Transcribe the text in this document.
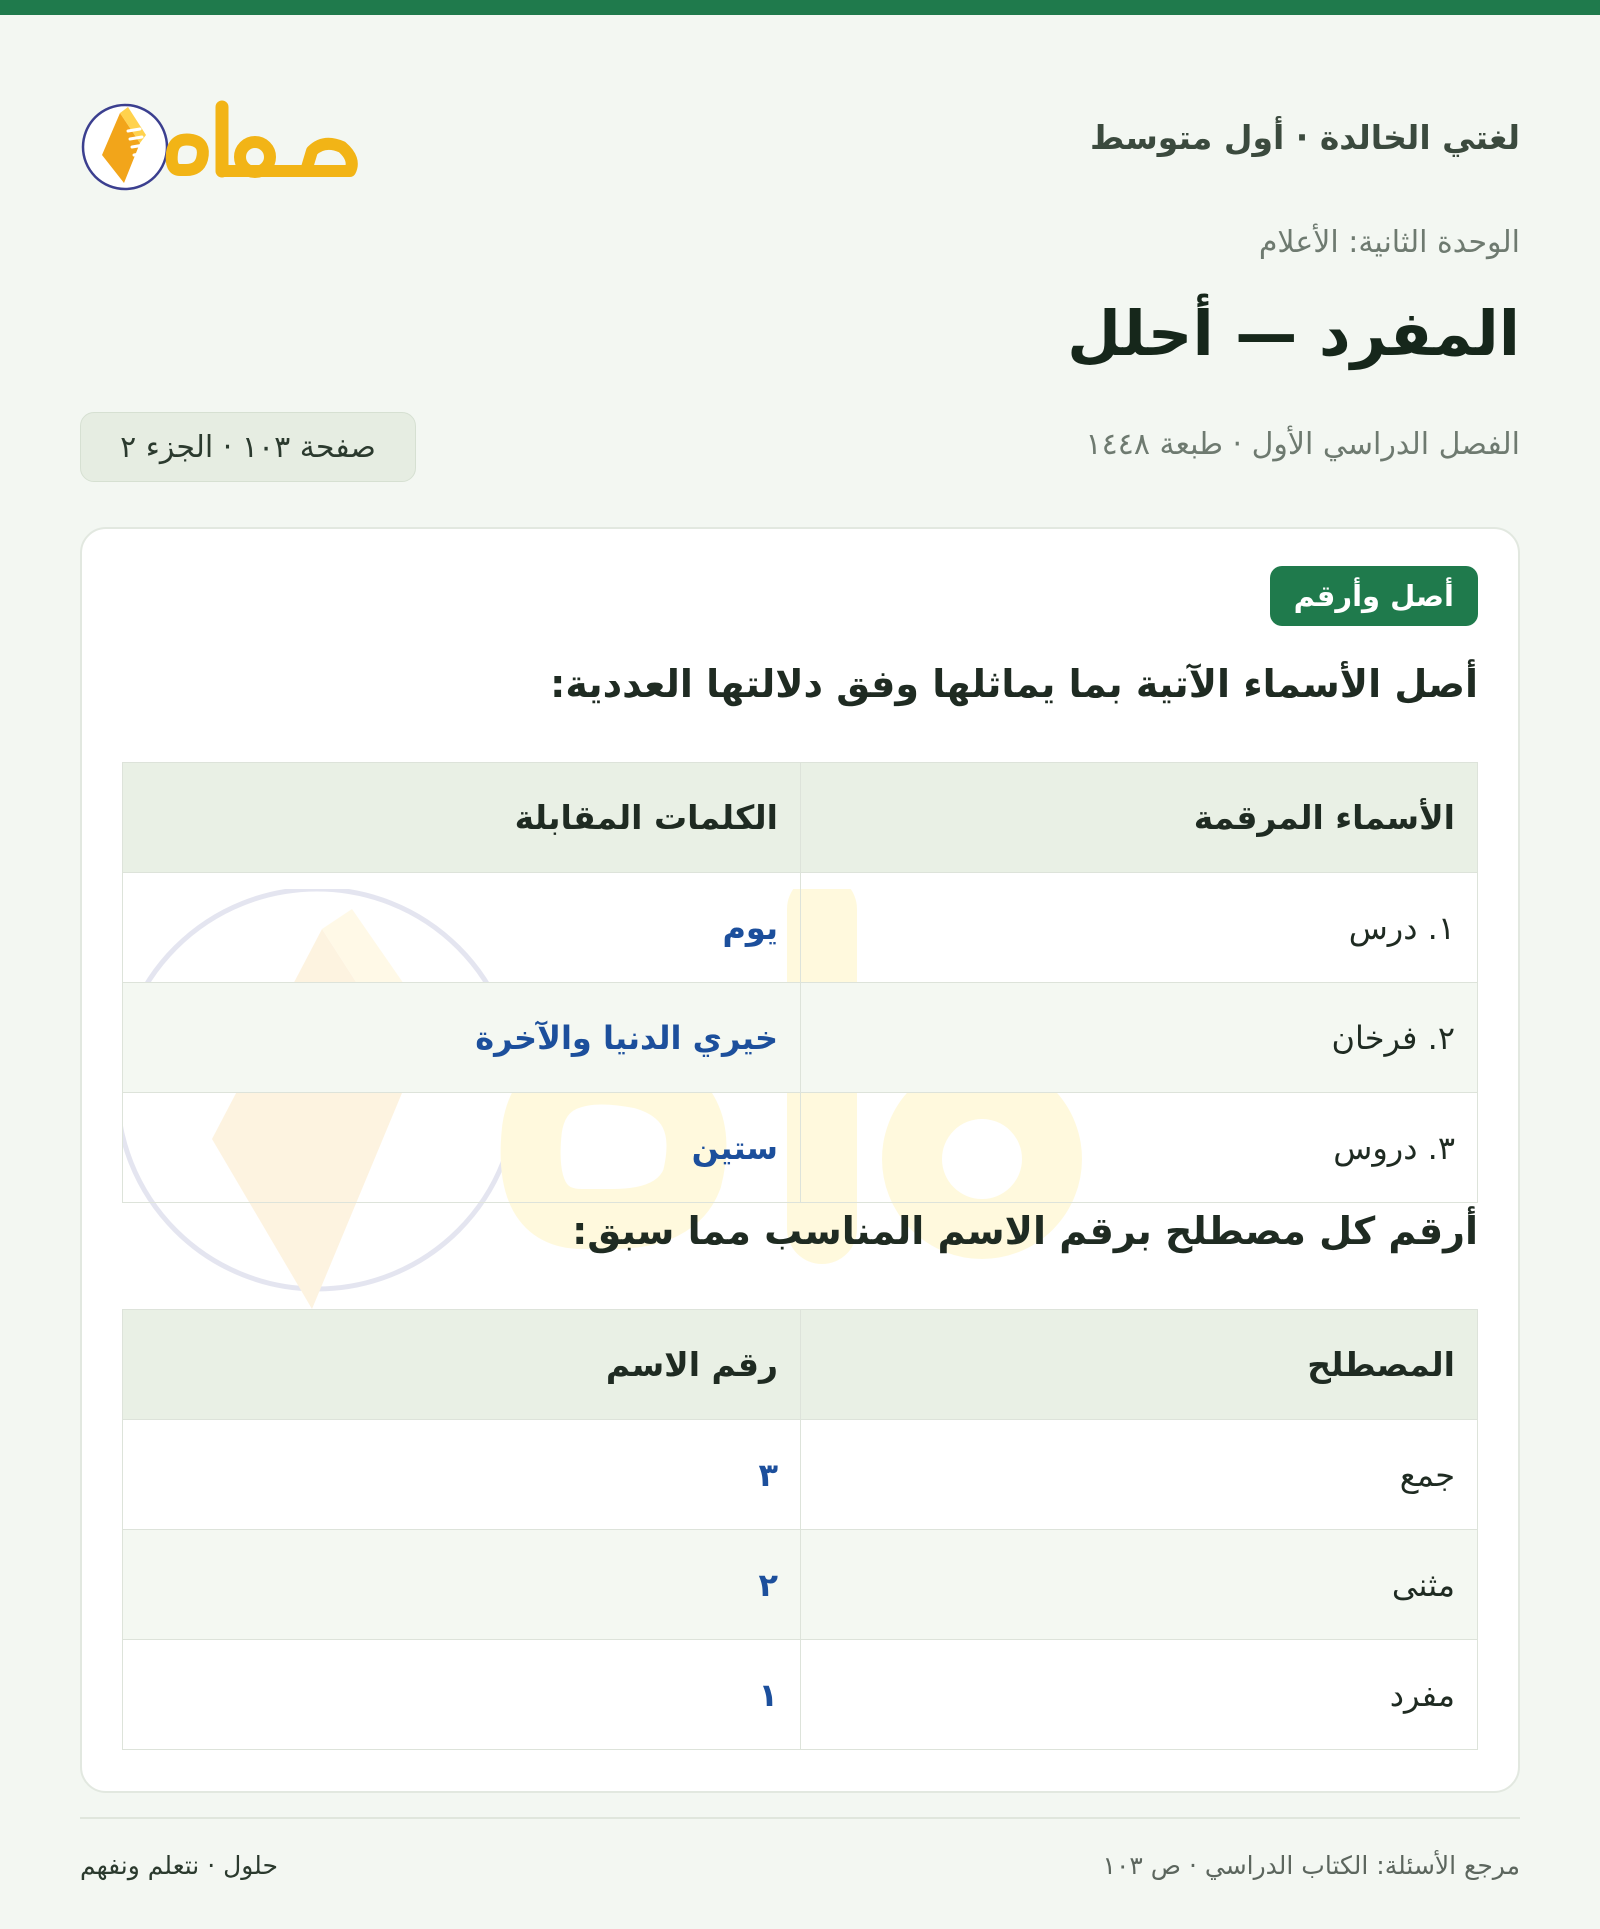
لغتي الخالدة · أول متوسط
الوحدة الثانية: الأعلام
المفرد — أحلل
الفصل الدراسي الأول · طبعة ١٤٤٨
صفحة ١٠٣ · الجزء ٢
أصل وأرقم
أصل الأسماء الآتية بما يماثلها وفق دلالتها العددية:
الأسماء المرقمة	الكلمات المقابلة
١. درس	يوم
٢. فرخان	خيري الدنيا والآخرة
٣. دروس	ستين
أرقم كل مصطلح برقم الاسم المناسب مما سبق:
المصطلح	رقم الاسم
جمع	٣
مثنى	٢
مفرد	١
مرجع الأسئلة: الكتاب الدراسي · ص ١٠٣
حلول · نتعلم ونفهم
